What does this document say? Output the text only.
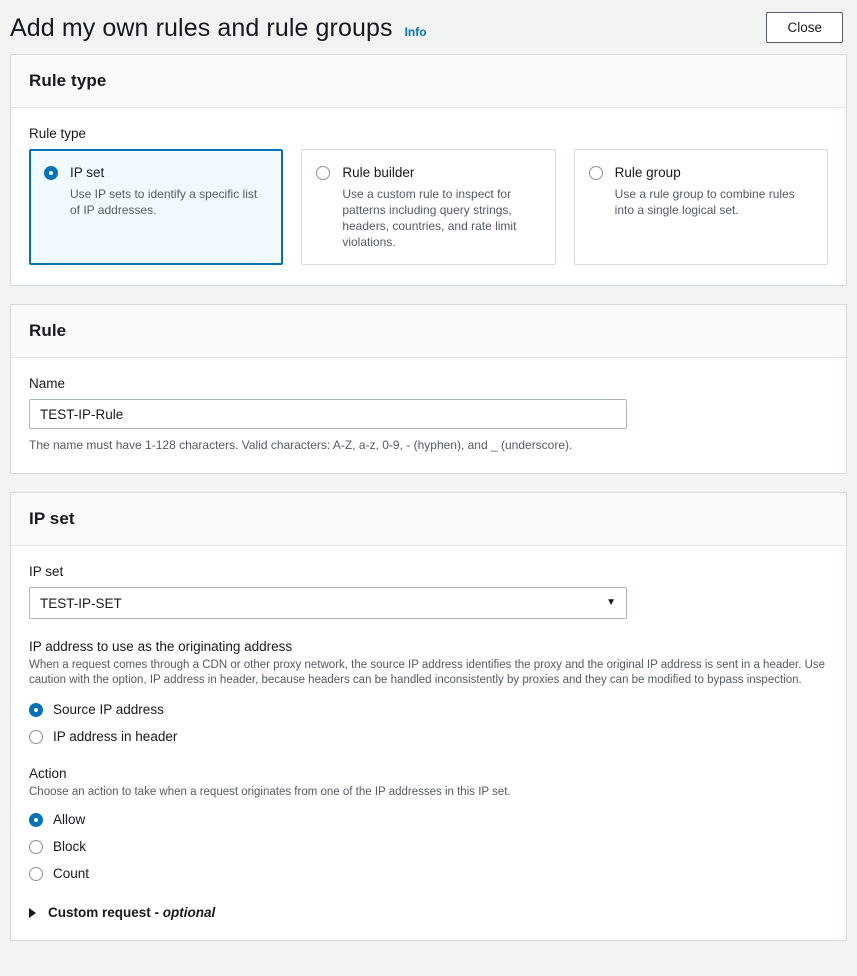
Add my own rules and rule groups Info	Close
Rule type
Rule type
IP set
Use IP sets to identify a specific list of IP addresses.
Rule builder
Use a custom rule to inspect for patterns including query strings, headers, countries, and rate limit violations.
Rule group
Use a rule group to combine rules into a single logical set.
Rule
Name
TEST-IP-Rule
The name must have 1-128 characters. Valid characters: A-Z, a-z, 0-9, - (hyphen), and _ (underscore).
IP set
IP set
TEST-IP-SET	▼
IP address to use as the originating address
When a request comes through a CDN or other proxy network, the source IP address identifies the proxy and the original IP address is sent in a header. Use caution with the option, IP address in header, because headers can be handled inconsistently by proxies and they can be modified to bypass inspection.
Source IP address
IP address in header
Action
Choose an action to take when a request originates from one of the IP addresses in this IP set.
Allow
Block
Count
Custom request - optional
